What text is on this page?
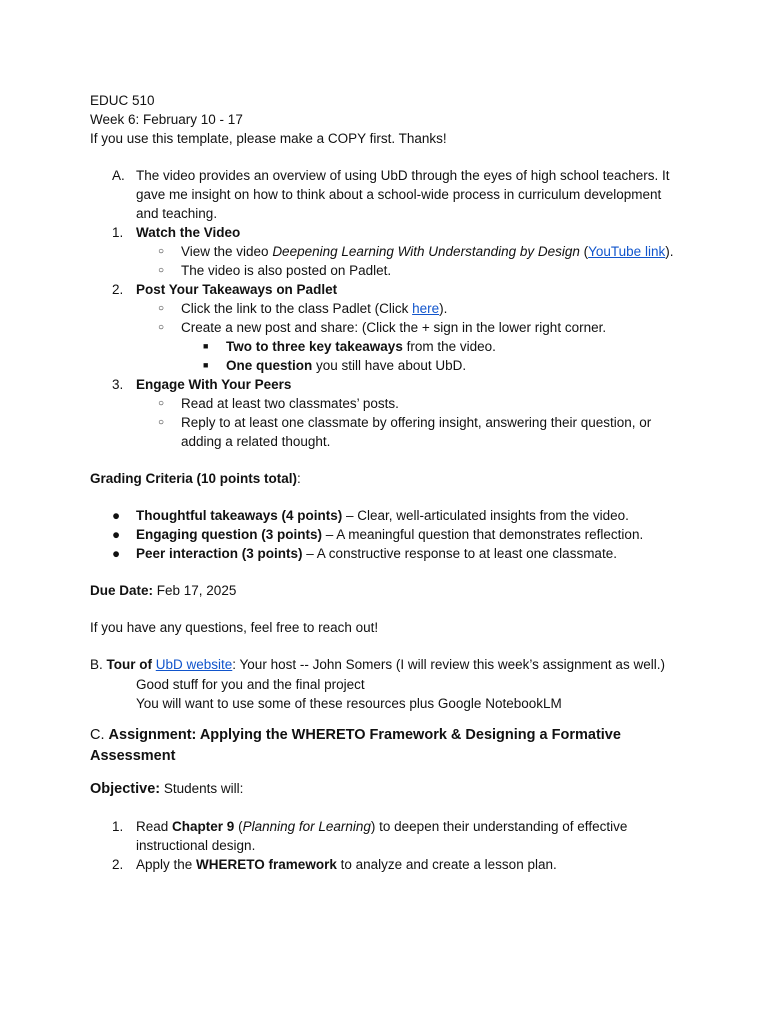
EDUC 510

Week 6: February 10 - 17

If you use this template, please make a COPY first. Thanks!

A. The video provides an overview of using UbD through the eyes of high school teachers. It gave me insight on how to think about a school-wide process in curriculum development and teaching.
1. Watch the Video
○ View the video Deepening Learning With Understanding by Design (YouTube link).
○ The video is also posted on Padlet.
2. Post Your Takeaways on Padlet
○ Click the link to the class Padlet (Click here).
○ Create a new post and share: (Click the + sign in the lower right corner.
■ Two to three key takeaways from the video.
■ One question you still have about UbD.
3. Engage With Your Peers
○ Read at least two classmates’ posts.
○ Reply to at least one classmate by offering insight, answering their question, or adding a related thought.

Grading Criteria (10 points total):

● Thoughtful takeaways (4 points) – Clear, well-articulated insights from the video.
● Engaging question (3 points) – A meaningful question that demonstrates reflection.
● Peer interaction (3 points) – A constructive response to at least one classmate.

Due Date: Feb 17, 2025

If you have any questions, feel free to reach out!

B. Tour of UbD website: Your host -- John Somers (I will review this week’s assignment as well.)

Good stuff for you and the final project

You will want to use some of these resources plus Google NotebookLM

C. Assignment: Applying the WHERETO Framework & Designing a Formative Assessment

Objective: Students will:

1. Read Chapter 9 (Planning for Learning) to deepen their understanding of effective instructional design.
2. Apply the WHERETO framework to analyze and create a lesson plan.
